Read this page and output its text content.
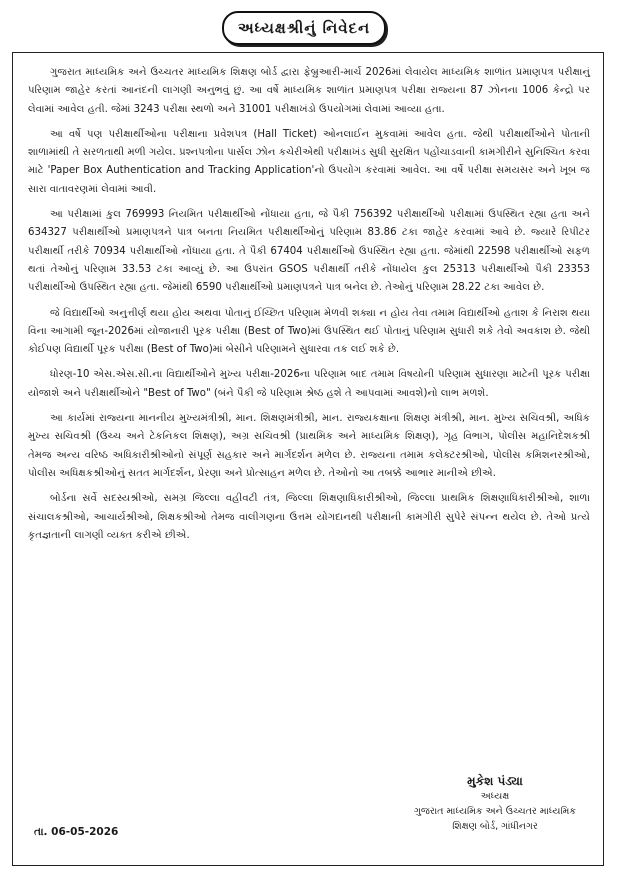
અધ્યક્ષશ્રીનું નિવેદન

ગુજરાત માધ્યમિક અને ઉચ્ચતર માધ્યમિક શિક્ષણ બોર્ડ દ્વારા ફેબ્રુઆરી-માર્ચ 2026માં લેવાયેલ માધ્યમિક શાળાંત પ્રમાણપત્ર પરીક્ષાનું પરિણામ જાહેર કરતાં આનંદની લાગણી અનુભવું છું. આ વર્ષે માધ્યમિક શાળાંત પ્રમાણપત્ર પરીક્ષા રાજ્યના 87 ઝોનના 1006 કેન્દ્રો પર લેવામાં આવેલ હતી. જેમાં 3243 પરીક્ષા સ્થળો અને 31001 પરીક્ષાખંડો ઉપયોગમાં લેવામાં આવ્યા હતા.

આ વર્ષે પણ પરીક્ષાર્થીઓના પરીક્ષાના પ્રવેશપત્ર (Hall Ticket) ઓનલાઈન મુકવામાં આવેલ હતા. જેથી પરીક્ષાર્થીઓને પોતાની શાળામાંથી તે સરળતાથી મળી ગયેલ. પ્રશ્નપત્રોના પાર્સલ ઝોન કચેરીએથી પરીક્ષાખંડ સુધી સુરક્ષિત પહોંચાડવાની કામગીરીને સુનિશ્ચિત કરવા માટે 'Paper Box Authentication and Tracking Application'નો ઉપયોગ કરવામાં આવેલ. આ વર્ષે પરીક્ષા સમયસર અને ખૂબ જ સારા વાતાવરણમાં લેવામાં આવી.

આ પરીક્ષામાં કુલ 769993 નિયમિત પરીક્ષાર્થીઓ નોંધાયા હતા, જે પૈકી 756392 પરીક્ષાર્થીઓ પરીક્ષામાં ઉપસ્થિત રહ્યા હતા અને 634327 પરીક્ષાર્થીઓ પ્રમાણપત્રને પાત્ર બનતા નિયમિત પરીક્ષાર્થીઓનું પરિણામ 83.86 ટકા જાહેર કરવામાં આવે છે. જ્યારે રિપીટર પરીક્ષાર્થી તરીકે 70934 પરીક્ષાર્થીઓ નોંધાયા હતા. તે પૈકી 67404 પરીક્ષાર્થીઓ ઉપસ્થિત રહ્યા હતા. જેમાંથી 22598 પરીક્ષાર્થીઓ સફળ થતાં તેઓનું પરિણામ 33.53 ટકા આવ્યું છે. આ ઉપરાંત GSOS પરીક્ષાર્થી તરીકે નોંધાયેલ કુલ 25313 પરીક્ષાર્થીઓ પૈકી 23353 પરીક્ષાર્થીઓ ઉપસ્થિત રહ્યા હતા. જેમાંથી 6590 પરીક્ષાર્થીઓ પ્રમાણપત્રને પાત્ર બનેલ છે. તેઓનું પરિણામ 28.22 ટકા આવેલ છે.

જે વિદ્યાર્થીઓ અનુત્તીર્ણ થયા હોય અથવા પોતાનું ઈચ્છિત પરિણામ મેળવી શક્યા ન હોય તેવા તમામ વિદ્યાર્થીઓ હતાશ કે નિરાશ થયા વિના આગામી જૂન-2026માં યોજાનારી પૂરક પરીક્ષા (Best of Two)માં ઉપસ્થિત થઈ પોતાનું પરિણામ સુધારી શકે તેવો અવકાશ છે. જેથી કોઈપણ વિદ્યાર્થી પૂરક પરીક્ષા (Best of Two)માં બેસીને પરિણામને સુધારવા તક લઈ શકે છે.

ધોરણ-10 એસ.એસ.સી.ના વિદ્યાર્થીઓને મુખ્ય પરીક્ષા-2026ના પરિણામ બાદ તમામ વિષયોની પરિણામ સુધારણા માટેની પૂરક પરીક્ષા યોજાશે અને પરીક્ષાર્થીઓને "Best of Two" (બંને પૈકી જે પરિણામ શ્રેષ્ઠ હશે તે આપવામાં આવશે)નો લાભ મળશે.

આ કાર્યમાં રાજ્યના માનનીય મુખ્યમંત્રીશ્રી, માન. શિક્ષણમંત્રીશ્રી, માન. રાજ્યકક્ષાના શિક્ષણ મંત્રીશ્રી, માન. મુખ્ય સચિવશ્રી, અધિક મુખ્ય સચિવશ્રી (ઉચ્ચ અને ટેકનિકલ શિક્ષણ), અગ્ર સચિવશ્રી (પ્રાથમિક અને માધ્યમિક શિક્ષણ), ગૃહ વિભાગ, પોલીસ મહાનિદેશકશ્રી તેમજ અન્ય વરિષ્ઠ અધિકારીશ્રીઓનો સંપૂર્ણ સહકાર અને માર્ગદર્શન મળેલ છે. રાજ્યના તમામ કલેક્ટરશ્રીઓ, પોલીસ કમિશનરશ્રીઓ, પોલીસ અધિક્ષકશ્રીઓનું સતત માર્ગદર્શન, પ્રેરણા અને પ્રોત્સાહન મળેલ છે. તેઓનો આ તબક્કે આભાર માનીએ છીએ.

બોર્ડના સર્વે સદસ્યશ્રીઓ, સમગ્ર જિલ્લા વહીવટી તંત્ર, જિલ્લા શિક્ષણાધિકારીશ્રીઓ, જિલ્લા પ્રાથમિક શિક્ષણાધિકારીશ્રીઓ, શાળા સંચાલકશ્રીઓ, આચાર્યશ્રીઓ, શિક્ષકશ્રીઓ તેમજ વાલીગણના ઉત્તમ યોગદાનથી પરીક્ષાની કામગીરી સુપેરે સંપન્ન થયેલ છે. તેઓ પ્રત્યે કૃતજ્ઞતાની લાગણી વ્યક્ત કરીએ છીએ.

મુકેશ પંડ્યા
અધ્યક્ષ
ગુજરાત માધ્યમિક અને ઉચ્ચતર માધ્યમિક
શિક્ષણ બોર્ડ, ગાંધીનગર
તા. 06-05-2026
